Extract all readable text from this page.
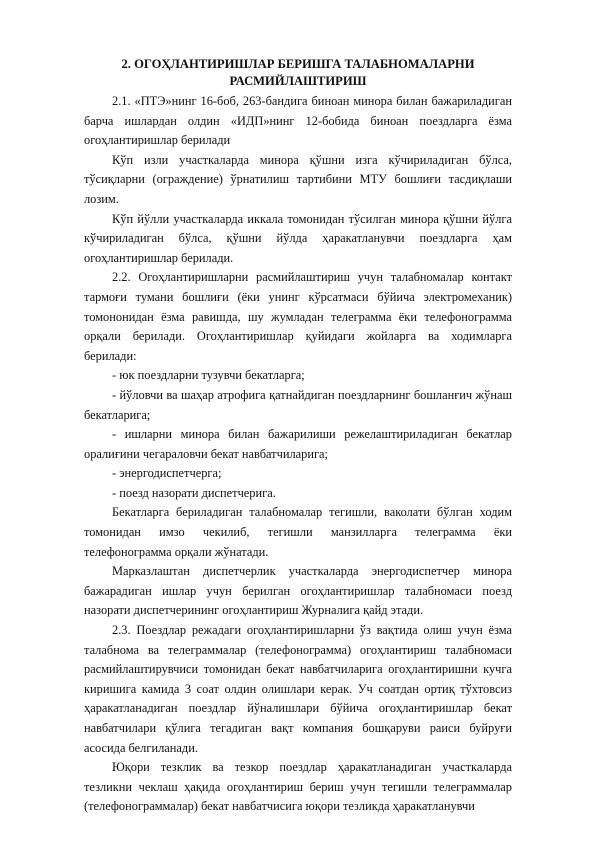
2. ОГОҲЛАНТИРИШЛАР БЕРИШГА ТАЛАБНОМАЛАРНИ
РАСМИЙЛАШТИРИШ

2.1. «ПТЭ»нинг 16-боб, 263-бандига биноан минора билан бажариладиган барча ишлардан олдин «ИДП»нинг 12-бобида биноан поездларга ёзма огоҳлантиришлар берилади

Кўп изли участкаларда минора қўшни изга кўчириладиган бўлса, тўсиқларни (ограждение) ўрнатилиш тартибини МТУ бошлиғи тасдиқлаши лозим.

Кўп йўлли участкаларда иккала томонидан тўсилган минора қўшни йўлга кўчириладиган бўлса, қўшни йўлда ҳаракатланувчи поездларга ҳам огоҳлантиришлар берилади.

2.2. Огоҳлантиришларни расмийлаштириш учун талабномалар контакт тармоғи тумани бошлиғи (ёки унинг кўрсатмаси бўйича электромеханик) томононидан ёзма равишда, шу жумладан телеграмма ёки телефонограмма орқали берилади. Огоҳлантиришлар қуйидаги жойларга ва ходимларга берилади:

- юк поездларни тузувчи бекатларга;

- йўловчи ва шаҳар атрофига қатнайдиган поездларнинг бошланғич жўнаш бекатларига;

- ишларни минора билан бажарилиши режелаштириладиган бекатлар оралиғини чегараловчи бекат навбатчиларига;

- энергодиспетчерга;

- поезд назорати диспетчерига.

Бекатларга бериладиган талабномалар тегишли, ваколати бўлган ходим томонидан имзо чекилиб, тегишли манзилларга телеграмма ёки телефонограмма орқали жўнатади.

Марказлаштан диспетчерлик участкаларда энергодиспетчер минора бажарадиган ишлар учун берилган огоҳлантиришлар талабномаси поезд назорати диспетчерининг огоҳлантириш Журналига қайд этади.

2.3. Поездлар режадаги огоҳлантиришларни ўз вақтида олиш учун ёзма талабнома ва телеграммалар (телефонограмма) огоҳлантириш талабномаси расмийлаштирувчиси томонидан бекат навбатчиларига огоҳлантиришни кучга киришига камида 3 соат олдин олишлари керак. Уч соатдан ортиқ тўхтовсиз ҳаракатланадиган поездлар йўналишлари бўйича огоҳлантиришлар бекат навбатчилари қўлига тегадиган вақт компания бошқаруви раиси буйруғи асосида белгиланади.

Юқори тезклик ва тезкор поездлар ҳаракатланадиган участкаларда тезликни чеклаш ҳақида огоҳлантириш бериш учун тегишли телеграммалар (телефонограммалар) бекат навбатчисига юқори тезликда ҳаракатланувчи
